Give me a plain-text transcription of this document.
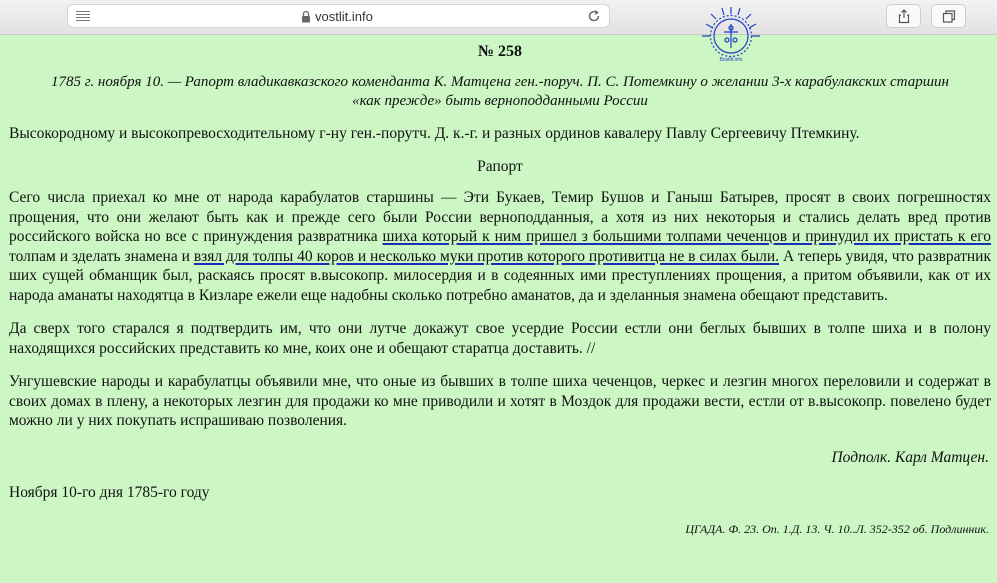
vostlit.info
Вostlit.info
№ 258
1785 г. ноября 10. — Рапорт владикавказского коменданта К. Матцена ген.-поруч. П. С. Потемкину о желании 3-х карабулакских старшин
«как прежде» быть верноподданными России

Высокородному и высокопревосходительному г-ну ген.-порутч. Д. к.-г. и разных ординов кавалеру Павлу Сергеевичу Птемкину.

Рапорт

Сего числа приехал ко мне от народа карабулатов старшины — Эти Букаев, Темир Бушов и Ганыш Батырев, просят в своих погрешностях прощения, что они желают быть как и прежде сего были России верноподданныя, а хотя из них некоторыя и стались делать вред против российского войска но все с принуждения развратника шиха который к ним пришел з большими толпами чеченцов и принудил их пристать к его толпам и зделать знамена и взял для толпы 40 коров и несколько муки против которого противитца не в силах были. А теперь увидя, что развратник ших сущей обманщик был, раскаясь просят в.высокопр. милосердия и в содеянных ими преступлениях прощения, а притом объявили, как от их народа аманаты находятца в Кизларе ежели еще надобны сколько потребно аманатов, да и зделанныя знамена обещают представить.

Да сверх того старался я подтвердить им, что они лутче докажут свое усердие России естли они беглых бывших в толпе шиха и в полону находящихся российских представить ко мне, коих оне и обещают старатца доставить. //

Унгушевские народы и карабулатцы объявили мне, что оные из бывших в толпе шиха чеченцов, черкес и лезгин многох переловили и содержат в своих домах в плену, а некоторых лезгин для продажи ко мне приводили и хотят в Моздок для продажи вести, естли от в.высокопр. повелено будет можно ли у них покупать испрашиваю позволения.

Подполк. Карл Матцен.

Ноября 10-го дня 1785-го году

ЦГАДА. Ф. 23. Оп. 1.Д. 13. Ч. 10..Л. 352-352 об. Подлинник.
